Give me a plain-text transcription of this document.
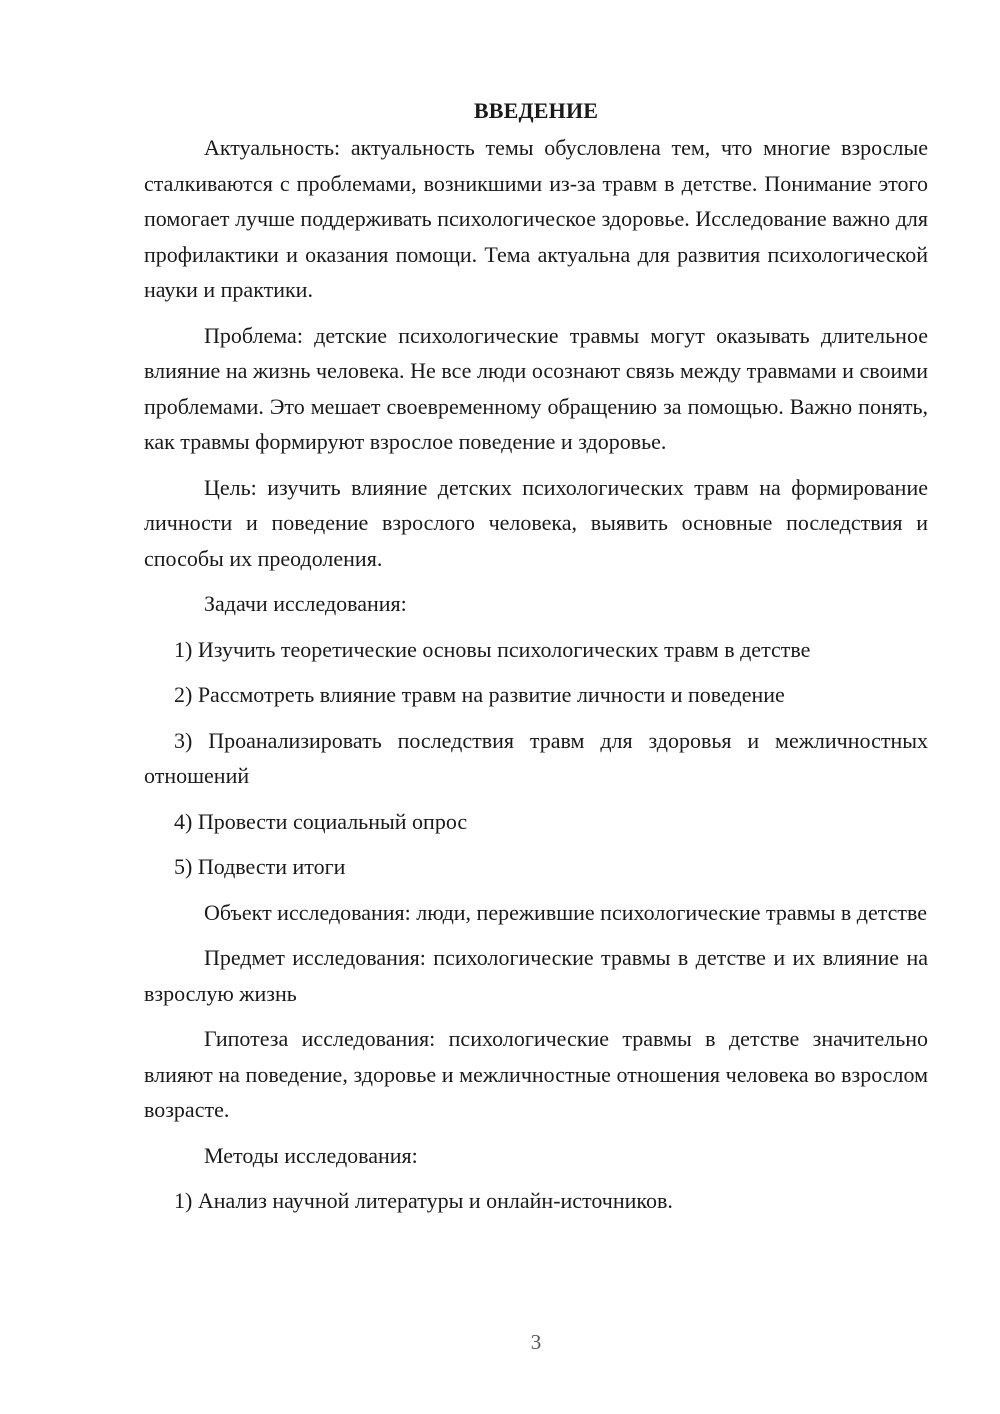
ВВЕДЕНИЕ

Актуальность: актуальность темы обусловлена тем, что многие взрослые сталкиваются с проблемами, возникшими из-за травм в детстве. Понимание этого помогает лучше поддерживать психологическое здоровье. Исследование важно для профилактики и оказания помощи. Тема актуальна для развития психологической науки и практики.

Проблема: детские психологические травмы могут оказывать длительное влияние на жизнь человека. Не все люди осознают связь между травмами и своими проблемами. Это мешает своевременному обращению за помощью. Важно понять, как травмы формируют взрослое поведение и здоровье.

Цель: изучить влияние детских психологических травм на формирование личности и поведение взрослого человека, выявить основные последствия и способы их преодоления.

Задачи исследования:

1) Изучить теоретические основы психологических травм в детстве

2) Рассмотреть влияние травм на развитие личности и поведение

3) Проанализировать последствия травм для здоровья и межличностных отношений

4) Провести социальный опрос

5) Подвести итоги

Объект исследования: люди, пережившие психологические травмы в детстве

Предмет исследования: психологические травмы в детстве и их влияние на взрослую жизнь

Гипотеза исследования: психологические травмы в детстве значительно влияют на поведение, здоровье и межличностные отношения человека во взрослом возрасте.

Методы исследования:

1) Анализ научной литературы и онлайн-источников.

3
